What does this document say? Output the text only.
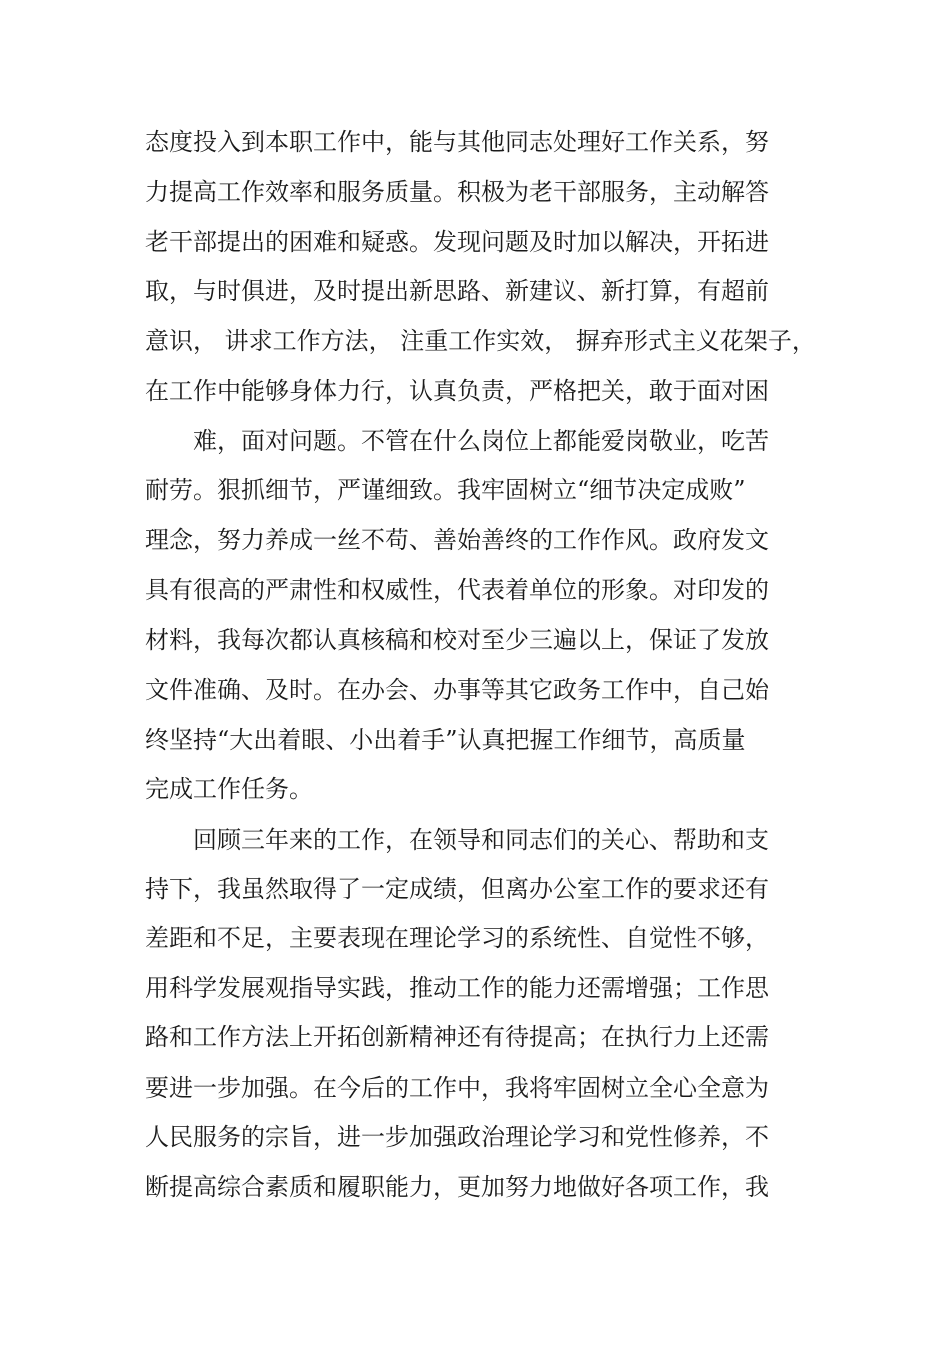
态度投入到本职工作中，能与其他同志处理好工作关系，努

力提高工作效率和服务质量。积极为老干部服务，主动解答

老干部提出的困难和疑惑。发现问题及时加以解决，开拓进

取，与时俱进，及时提出新思路、新建议、新打算，有超前

意识， 讲求工作方法， 注重工作实效， 摒弃形式主义花架子，

在工作中能够身体力行，认真负责，严格把关，敢于面对困

难，面对问题。不管在什么岗位上都能爱岗敬业，吃苦

耐劳。狠抓细节，严谨细致。我牢固树立“细节决定成败”

理念，努力养成一丝不苟、善始善终的工作作风。政府发文

具有很高的严肃性和权威性，代表着单位的形象。对印发的

材料，我每次都认真核稿和校对至少三遍以上，保证了发放

文件准确、及时。在办会、办事等其它政务工作中，自己始

终坚持“大出着眼、小出着手”认真把握工作细节，高质量

完成工作任务。

回顾三年来的工作，在领导和同志们的关心、帮助和支

持下，我虽然取得了一定成绩，但离办公室工作的要求还有

差距和不足，主要表现在理论学习的系统性、自觉性不够，

用科学发展观指导实践，推动工作的能力还需增强；工作思

路和工作方法上开拓创新精神还有待提高；在执行力上还需

要进一步加强。在今后的工作中，我将牢固树立全心全意为

人民服务的宗旨，进一步加强政治理论学习和党性修养，不

断提高综合素质和履职能力，更加努力地做好各项工作，我
